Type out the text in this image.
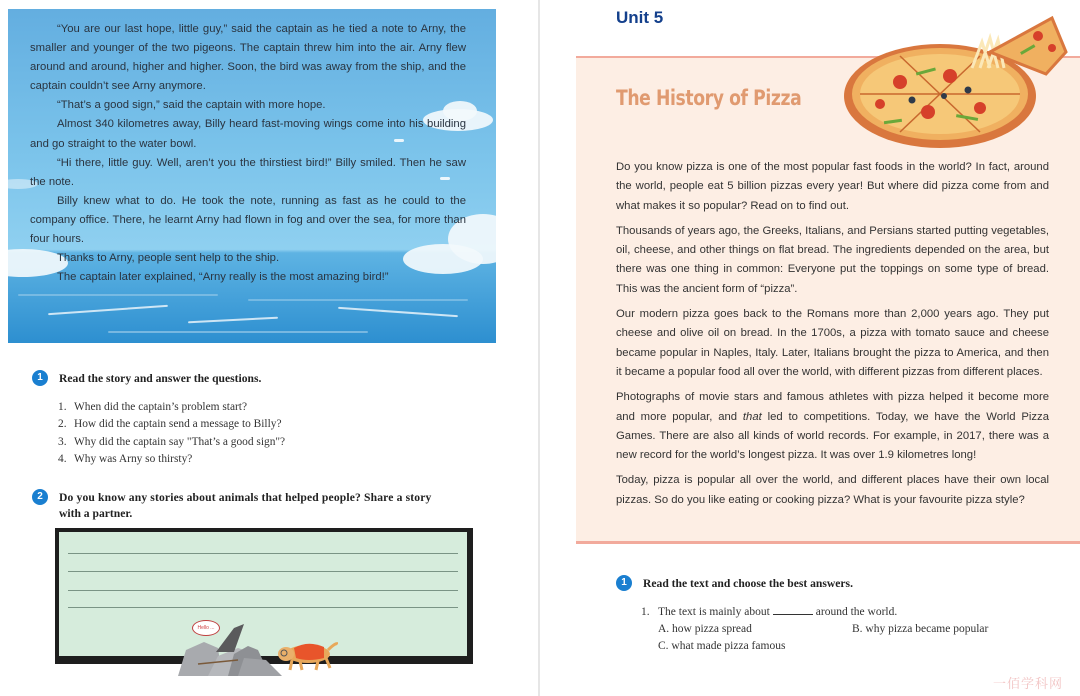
“You are our last hope, little guy,” said the captain as he tied a note to Arny, the smaller and younger of the two pigeons. The captain threw him into the air. Arny flew around and around, higher and higher. Soon, the bird was away from the ship, and the captain couldn’t see Arny anymore.

“That’s a good sign,” said the captain with more hope.

Almost 340 kilometres away, Billy heard fast-moving wings come into his building and go straight to the water bowl.

“Hi there, little guy. Well, aren’t you the thirstiest bird!” Billy smiled. Then he saw the note.

Billy knew what to do. He took the note, running as fast as he could to the company office. There, he learnt Arny had flown in fog and over the sea, for more than four hours.

Thanks to Arny, people sent help to the ship.

The captain later explained, “Arny really is the most amazing bird!”

1	Read the story and answer the questions.
1. When did the captain’s problem start?
2. How did the captain send a message to Billy?
3. Why did the captain say "That’s a good sign"?
4. Why was Arny so thirsty?
2	Do you know any stories about animals that helped people? Share a story
with a partner.
Hello ...
Unit 5
The History of Pizza

Do you know pizza is one of the most popular fast foods in the world? In fact, around the world, people eat 5 billion pizzas every year! But where did pizza come from and what makes it so popular? Read on to find out.

Thousands of years ago, the Greeks, Italians, and Persians started putting vegetables, oil, cheese, and other things on flat bread. The ingredients depended on the area, but there was one thing in common: Everyone put the toppings on some type of bread. This was the ancient form of “pizza”.

Our modern pizza goes back to the Romans more than 2,000 years ago. They put cheese and olive oil on bread. In the 1700s, a pizza with tomato sauce and cheese became popular in Naples, Italy. Later, Italians brought the pizza to America, and then it became a popular food all over the world, with different pizzas from different places.

Photographs of movie stars and famous athletes with pizza helped it become more and more popular, and that led to competitions. Today, we have the World Pizza Games. There are also all kinds of world records. For example, in 2017, there was a new record for the world’s longest pizza. It was over 1.9 kilometres long!

Today, pizza is popular all over the world, and different places have their own local pizzas. So do you like eating or cooking pizza? What is your favourite pizza style?

1	Read the text and choose the best answers.
1. The text is mainly about	around the world.
A. how pizza spread	B. why pizza became popular
C. what made pizza famous
一佰学科网
